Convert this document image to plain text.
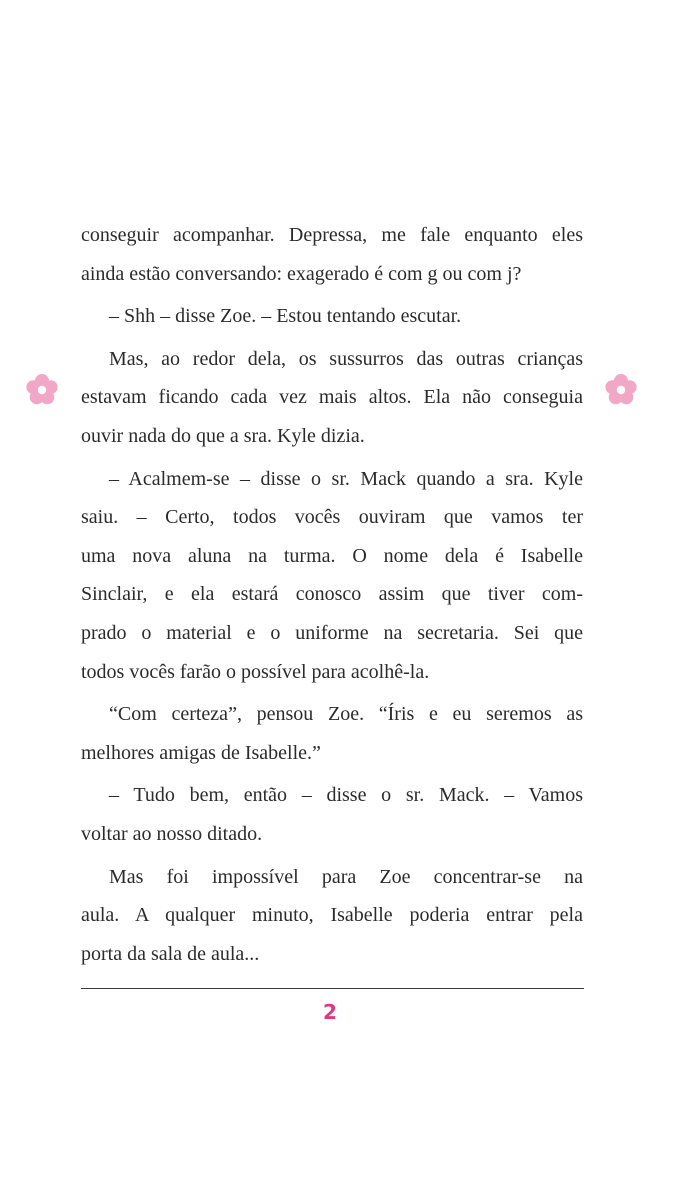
conseguir acompanhar. Depressa, me fale enquanto eles
ainda estão conversando: exagerado é com g ou com j?
– Shh – disse Zoe. – Estou tentando escutar.
Mas, ao redor dela, os sussurros das outras crianças
estavam ficando cada vez mais altos. Ela não conseguia
ouvir nada do que a sra. Kyle dizia.
– Acalmem-se – disse o sr. Mack quando a sra. Kyle
saiu. – Certo, todos vocês ouviram que vamos ter
uma nova aluna na turma. O nome dela é Isabelle
Sinclair, e ela estará conosco assim que tiver com-
prado o material e o uniforme na secretaria. Sei que
todos vocês farão o possível para acolhê-la.
“Com certeza”, pensou Zoe. “Íris e eu seremos as
melhores amigas de Isabelle.”
– Tudo bem, então – disse o sr. Mack. – Vamos
voltar ao nosso ditado.
Mas foi impossível para Zoe concentrar-se na
aula. A qualquer minuto, Isabelle poderia entrar pela
porta da sala de aula...
2
